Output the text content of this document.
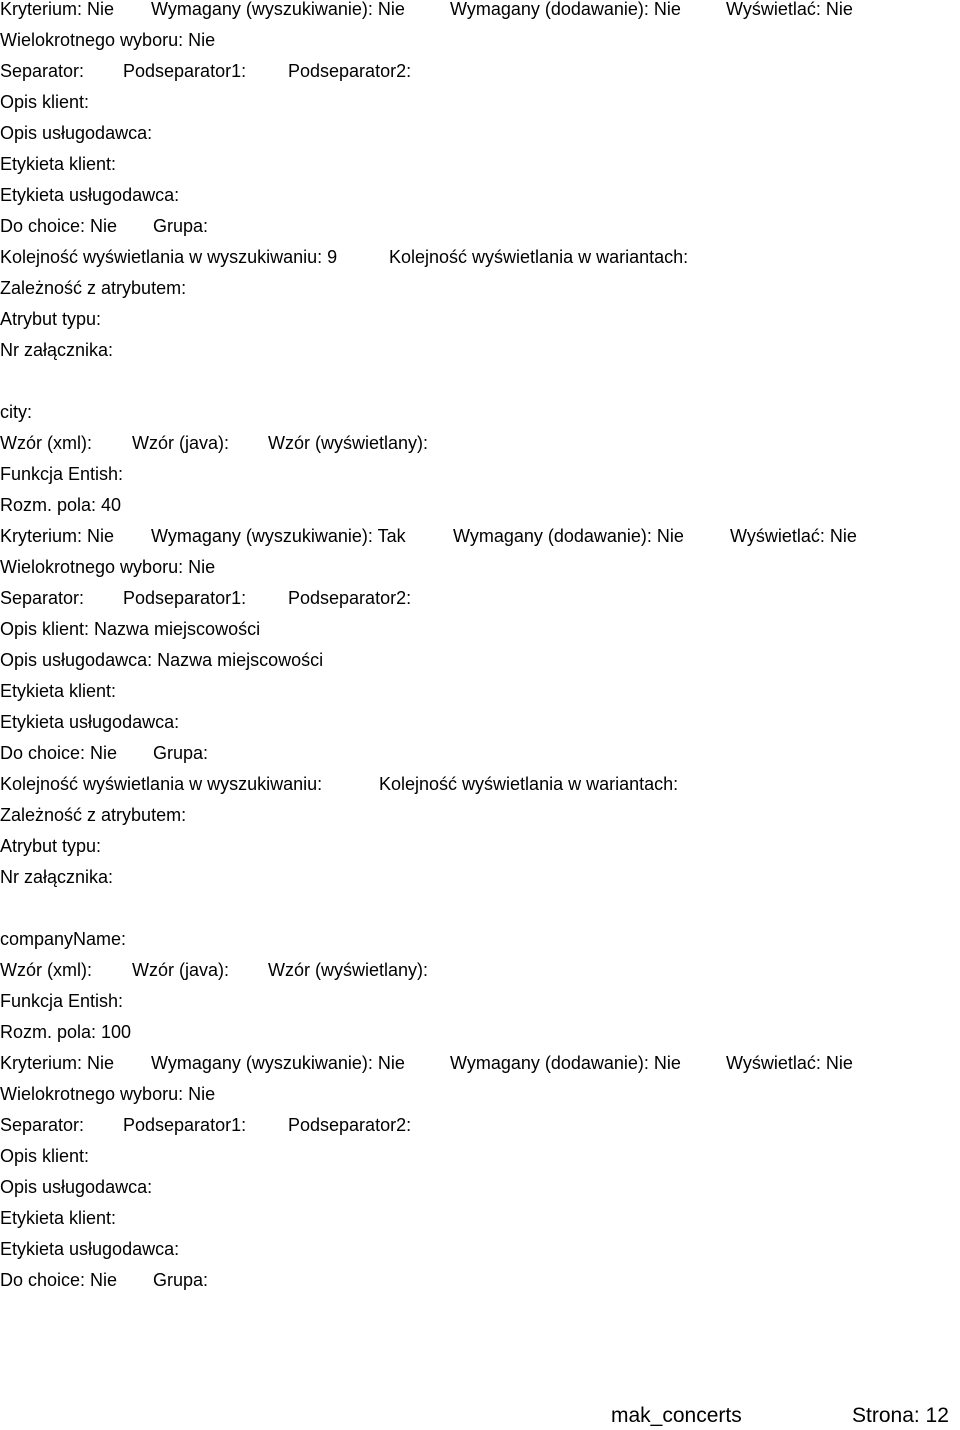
Kryterium: Nie Wymagany (wyszukiwanie): Nie	Wymagany (dodawanie): Nie	Wyświetlać: Nie
Wielokrotnego wyboru: Nie
Separator: Podseparator1: Podseparator2:
Opis klient:
Opis usługodawca:
Etykieta klient:
Etykieta usługodawca:
Do choice: Nie Grupa:
Kolejność wyświetlania w wyszukiwaniu: 9	Kolejność wyświetlania w wariantach:
Zależność z atrybutem:
Atrybut typu:
Nr załącznika:
city:
Wzór (xml): Wzór (java): Wzór (wyświetlany):
Funkcja Entish:
Rozm. pola: 40
Kryterium: Nie Wymagany (wyszukiwanie): Tak	Wymagany (dodawanie): Nie	Wyświetlać: Nie
Wielokrotnego wyboru: Nie
Separator: Podseparator1: Podseparator2:
Opis klient: Nazwa miejscowości
Opis usługodawca: Nazwa miejscowości
Etykieta klient:
Etykieta usługodawca:
Do choice: Nie Grupa:
Kolejność wyświetlania w wyszukiwaniu:	Kolejność wyświetlania w wariantach:
Zależność z atrybutem:
Atrybut typu:
Nr załącznika:
companyName:
Wzór (xml): Wzór (java): Wzór (wyświetlany):
Funkcja Entish:
Rozm. pola: 100
Kryterium: Nie Wymagany (wyszukiwanie): Nie	Wymagany (dodawanie): Nie	Wyświetlać: Nie
Wielokrotnego wyboru: Nie
Separator: Podseparator1: Podseparator2:
Opis klient:
Opis usługodawca:
Etykieta klient:
Etykieta usługodawca:
Do choice: Nie Grupa:
mak_concerts	Strona: 12
